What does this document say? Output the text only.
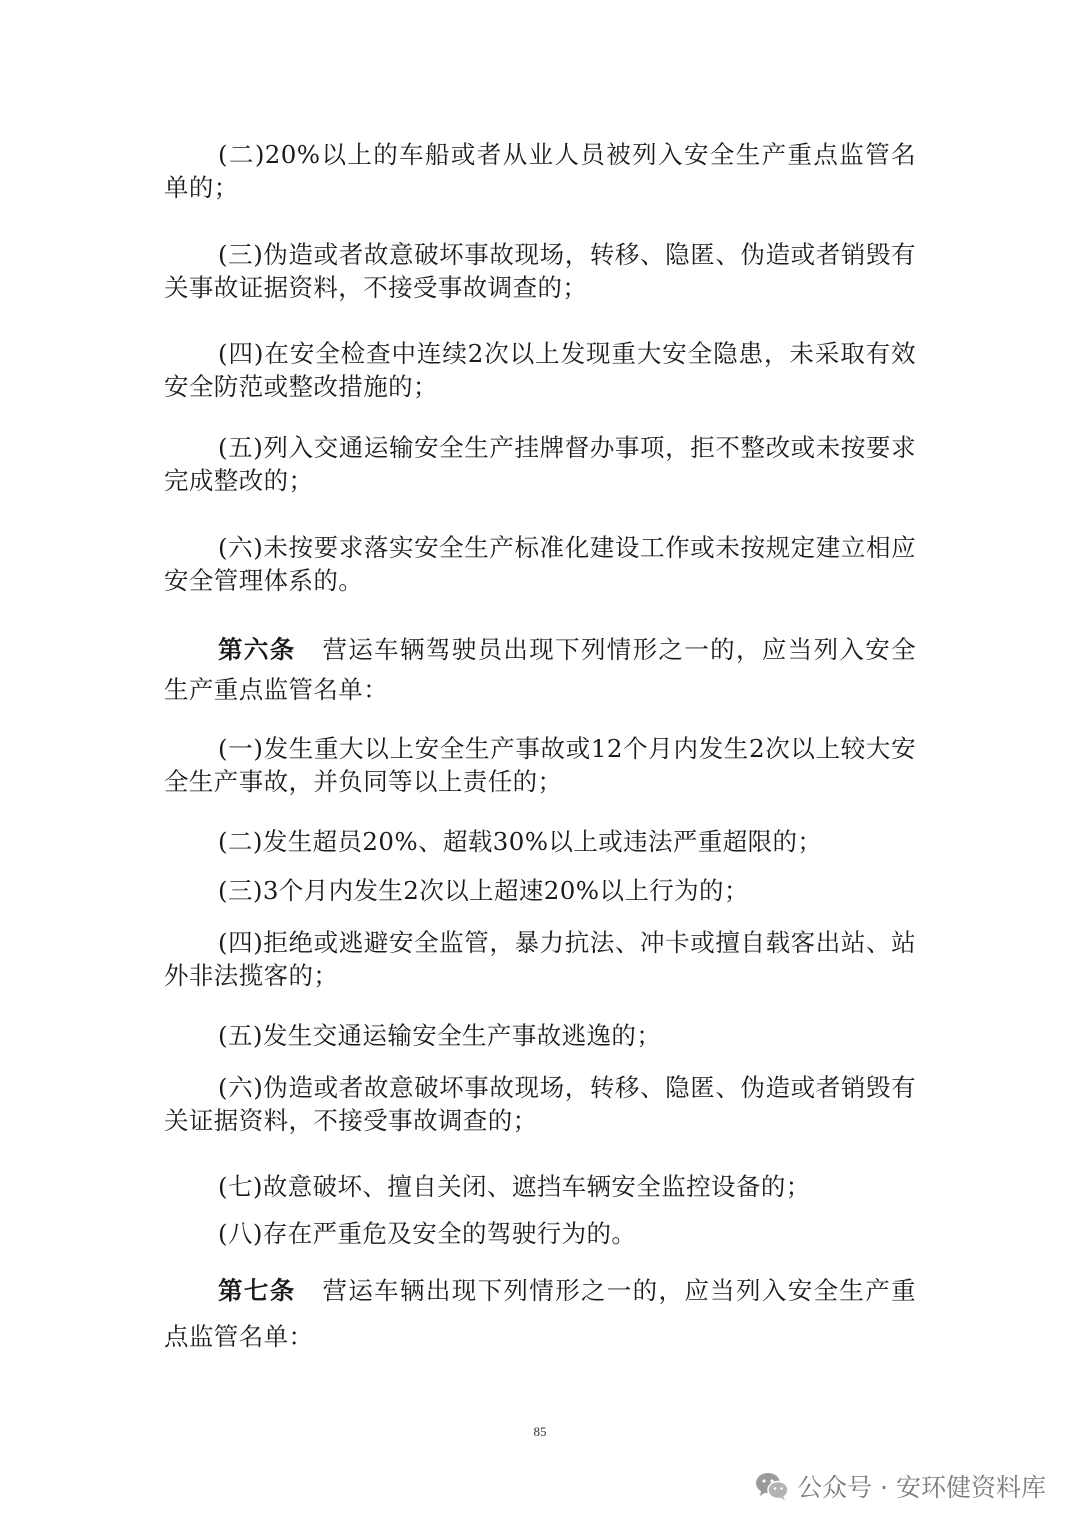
(二)20%以上的车船或者从业人员被列入安全生产重点监管名单的；

(三)伪造或者故意破坏事故现场，转移、隐匿、伪造或者销毁有关事故证据资料，不接受事故调查的；

(四)在安全检查中连续2次以上发现重大安全隐患，未采取有效安全防范或整改措施的；

(五)列入交通运输安全生产挂牌督办事项，拒不整改或未按要求完成整改的；

(六)未按要求落实安全生产标准化建设工作或未按规定建立相应安全管理体系的。

第六条 营运车辆驾驶员出现下列情形之一的，应当列入安全生产重点监管名单：

(一)发生重大以上安全生产事故或12个月内发生2次以上较大安全生产事故，并负同等以上责任的；

(二)发生超员20%、超载30%以上或违法严重超限的；

(三)3个月内发生2次以上超速20%以上行为的；

(四)拒绝或逃避安全监管，暴力抗法、冲卡或擅自载客出站、站外非法揽客的；

(五)发生交通运输安全生产事故逃逸的；

(六)伪造或者故意破坏事故现场，转移、隐匿、伪造或者销毁有关证据资料，不接受事故调查的；

(七)故意破坏、擅自关闭、遮挡车辆安全监控设备的；

(八)存在严重危及安全的驾驶行为的。

第七条 营运车辆出现下列情形之一的，应当列入安全生产重点监管名单：

85
公众号 · 安环健资料库
